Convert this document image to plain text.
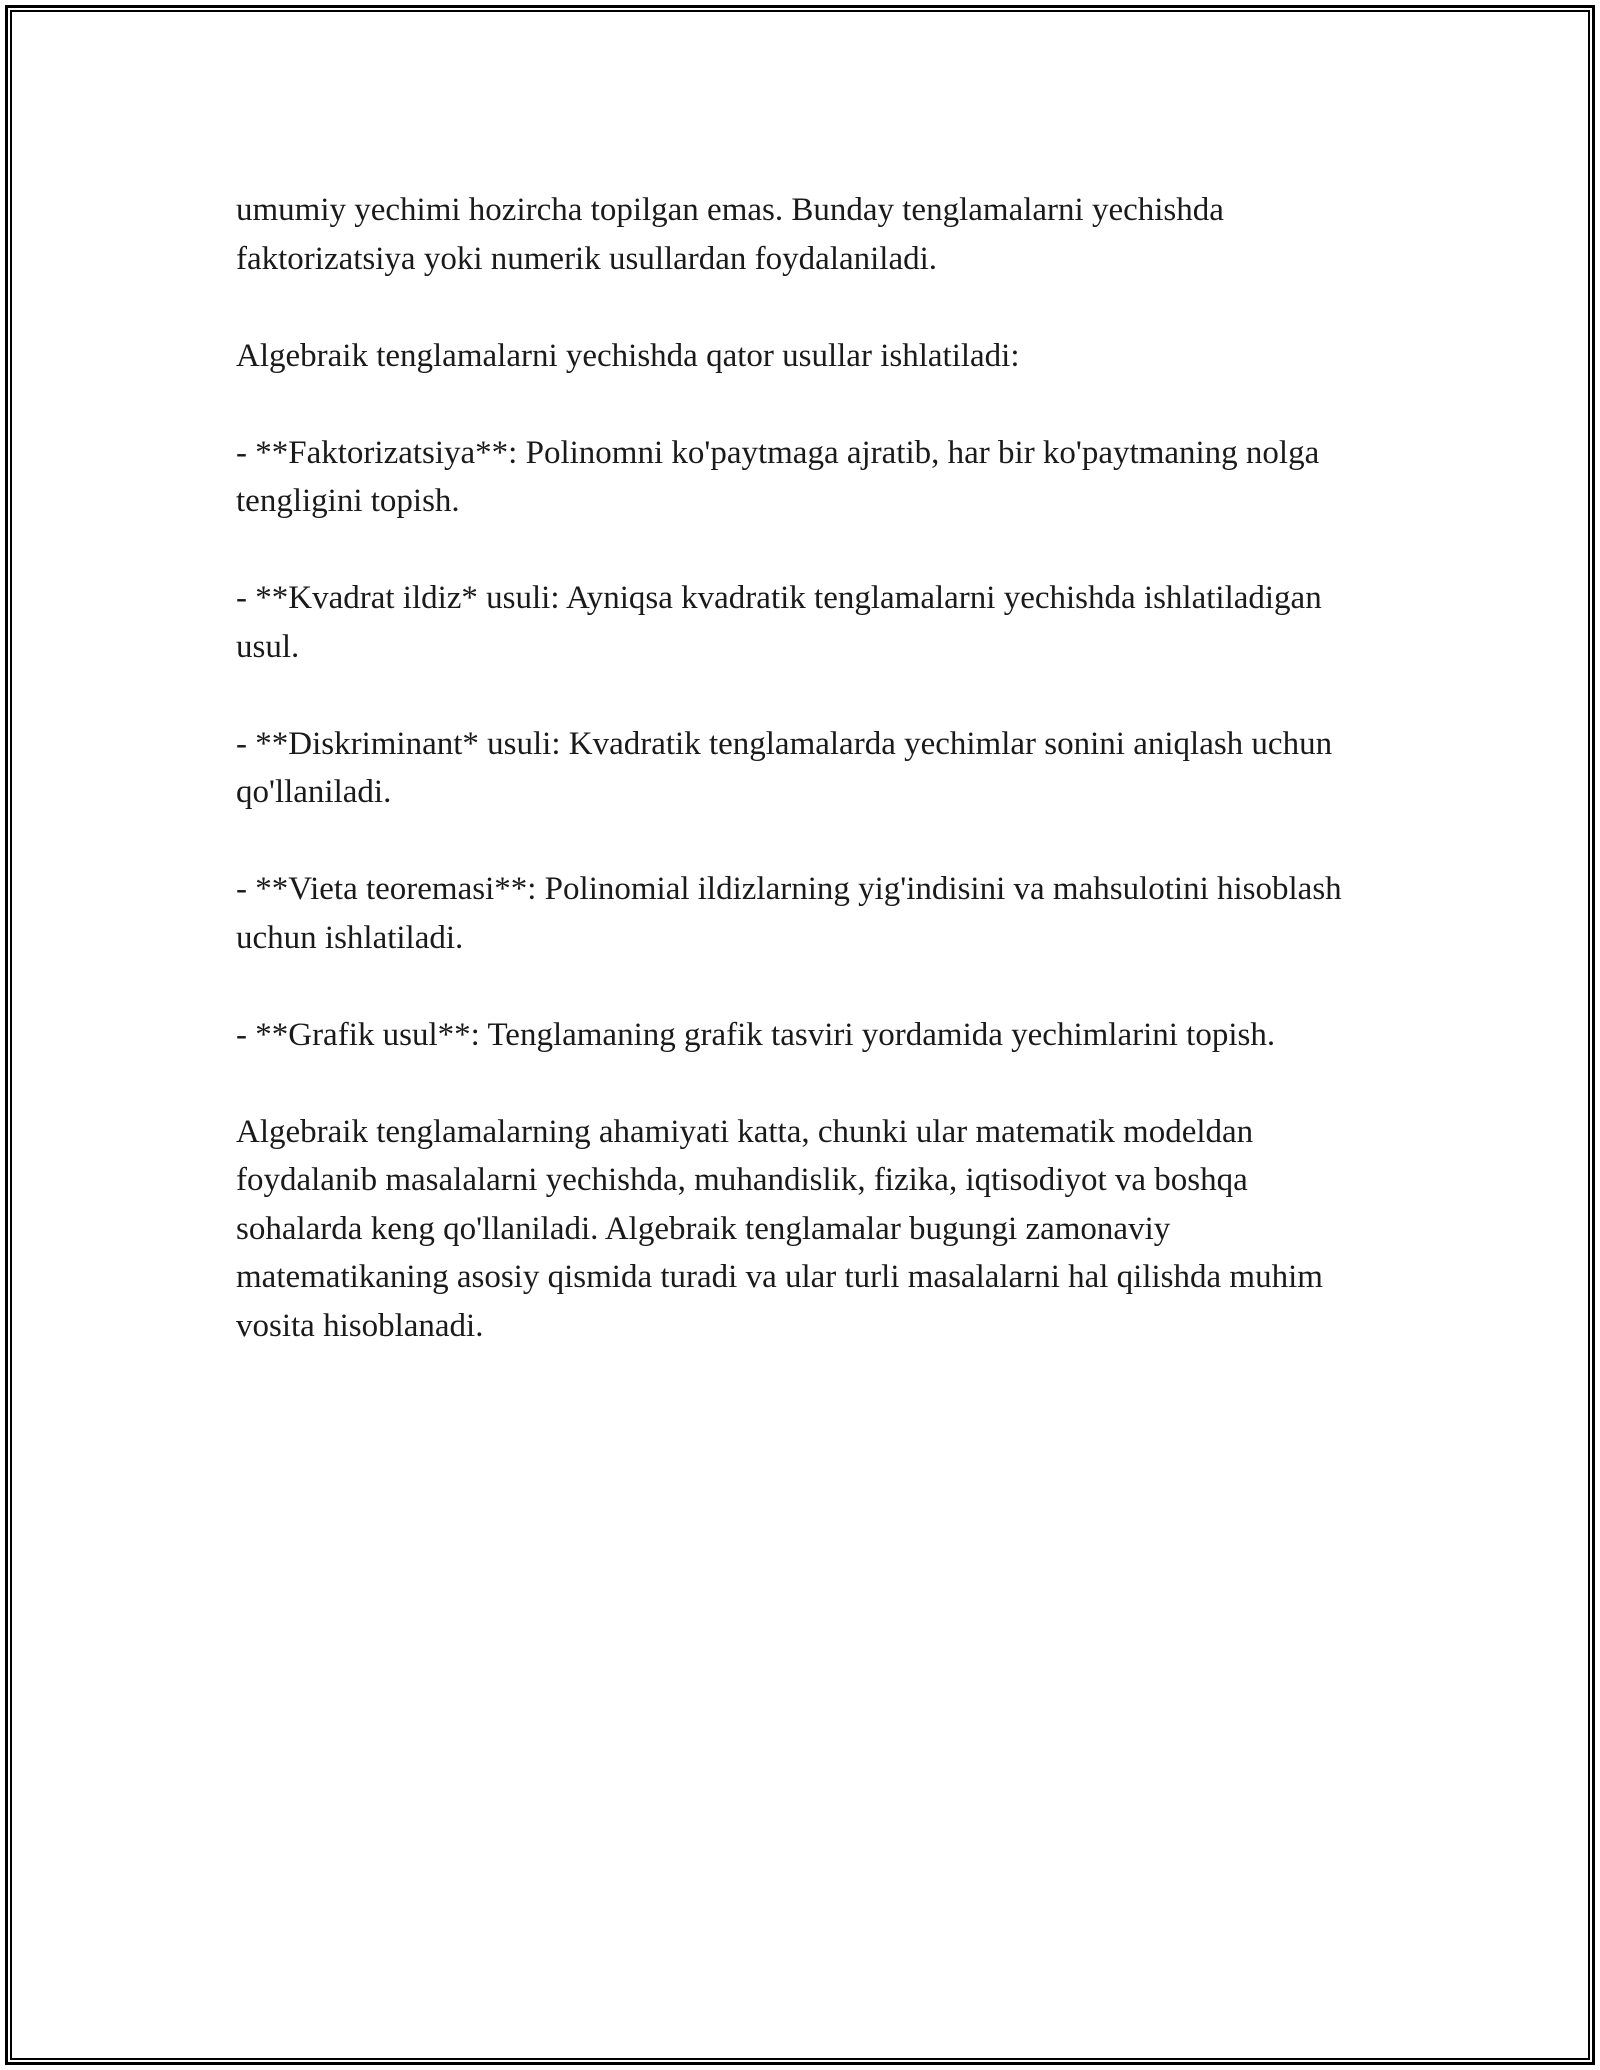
umumiy yechimi hozircha topilgan emas. Bunday tenglamalarni yechishda faktorizatsiya yoki numerik usullardan foydalaniladi.

Algebraik tenglamalarni yechishda qator usullar ishlatiladi:

- **Faktorizatsiya**: Polinomni ko'paytmaga ajratib, har bir ko'paytmaning nolga tengligini topish.

- **Kvadrat ildiz* usuli: Ayniqsa kvadratik tenglamalarni yechishda ishlatiladigan usul.

- **Diskriminant* usuli: Kvadratik tenglamalarda yechimlar sonini aniqlash uchun qo'llaniladi.

- **Vieta teoremasi**: Polinomial ildizlarning yig'indisini va mahsulotini hisoblash uchun ishlatiladi.

- **Grafik usul**: Tenglamaning grafik tasviri yordamida yechimlarini topish.

Algebraik tenglamalarning ahamiyati katta, chunki ular matematik modeldan foydalanib masalalarni yechishda, muhandislik, fizika, iqtisodiyot va boshqa sohalarda keng qo'llaniladi. Algebraik tenglamalar bugungi zamonaviy matematikaning asosiy qismida turadi va ular turli masalalarni hal qilishda muhim vosita hisoblanadi.
